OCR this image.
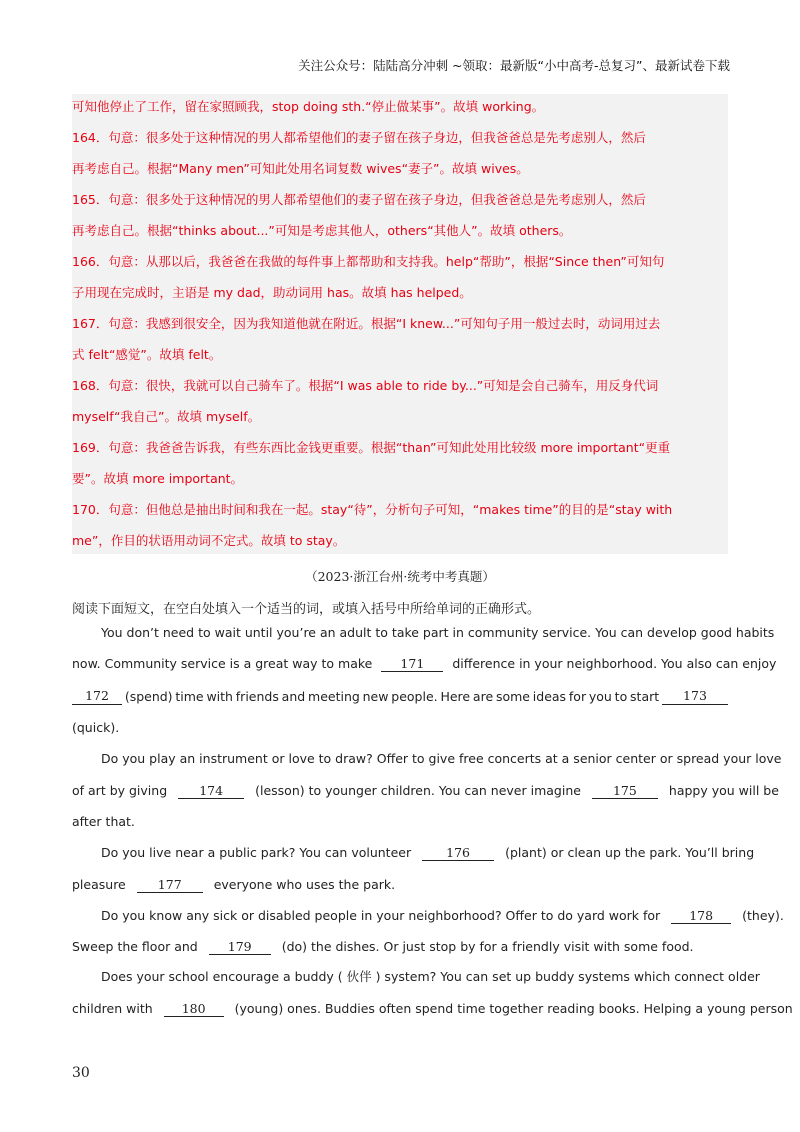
关注公众号：陆陆高分冲刺 ~领取：最新版“小中高考-总复习”、最新试卷下载
可知他停止了工作，留在家照顾我，stop doing sth.“停止做某事”。故填 working。
164．句意：很多处于这种情况的男人都希望他们的妻子留在孩子身边，但我爸爸总是先考虑别人，然后
再考虑自己。根据“Many men”可知此处用名词复数 wives“妻子”。故填 wives。
165．句意：很多处于这种情况的男人都希望他们的妻子留在孩子身边，但我爸爸总是先考虑别人，然后
再考虑自己。根据“thinks about...”可知是考虑其他人，others“其他人”。故填 others。
166．句意：从那以后，我爸爸在我做的每件事上都帮助和支持我。help“帮助”，根据“Since then”可知句
子用现在完成时，主语是 my dad，助动词用 has。故填 has helped。
167．句意：我感到很安全，因为我知道他就在附近。根据“I knew...”可知句子用一般过去时，动词用过去
式 felt“感觉”。故填 felt。
168．句意：很快，我就可以自己骑车了。根据“I was able to ride by...”可知是会自己骑车，用反身代词
myself“我自己”。故填 myself。
169．句意：我爸爸告诉我，有些东西比金钱更重要。根据“than”可知此处用比较级 more important“更重
要”。故填 more important。
170．句意：但他总是抽出时间和我在一起。stay“待”，分析句子可知，“makes time”的目的是“stay with
me”，作目的状语用动词不定式。故填 to stay。
（2023·浙江台州·统考中考真题）
阅读下面短文，在空白处填入一个适当的词，或填入括号中所给单词的正确形式。
You don’t need to wait until you’re an adult to take part in community service. You can develop good habits
now. Community service is a great way to make 171 difference in your neighborhood. You also can enjoy
172	(spend) time with friends and meeting new people. Here are some ideas for you to start	173
(quick).
Do you play an instrument or love to draw? Offer to give free concerts at a senior center or spread your love
of art by giving	174	(lesson) to younger children. You can never imagine	175	happy you will be
after that.
Do you live near a public park? You can volunteer	176	(plant) or clean up the park. You’ll bring
pleasure	177	everyone who uses the park.
Do you know any sick or disabled people in your neighborhood? Offer to do yard work for 178 (they).
Sweep the floor and 179 (do) the dishes. Or just stop by for a friendly visit with some food.
Does your school encourage a buddy ( 伙伴 ) system? You can set up buddy systems which connect older
children with 180 (young) ones. Buddies often spend time together reading books. Helping a young person
30
